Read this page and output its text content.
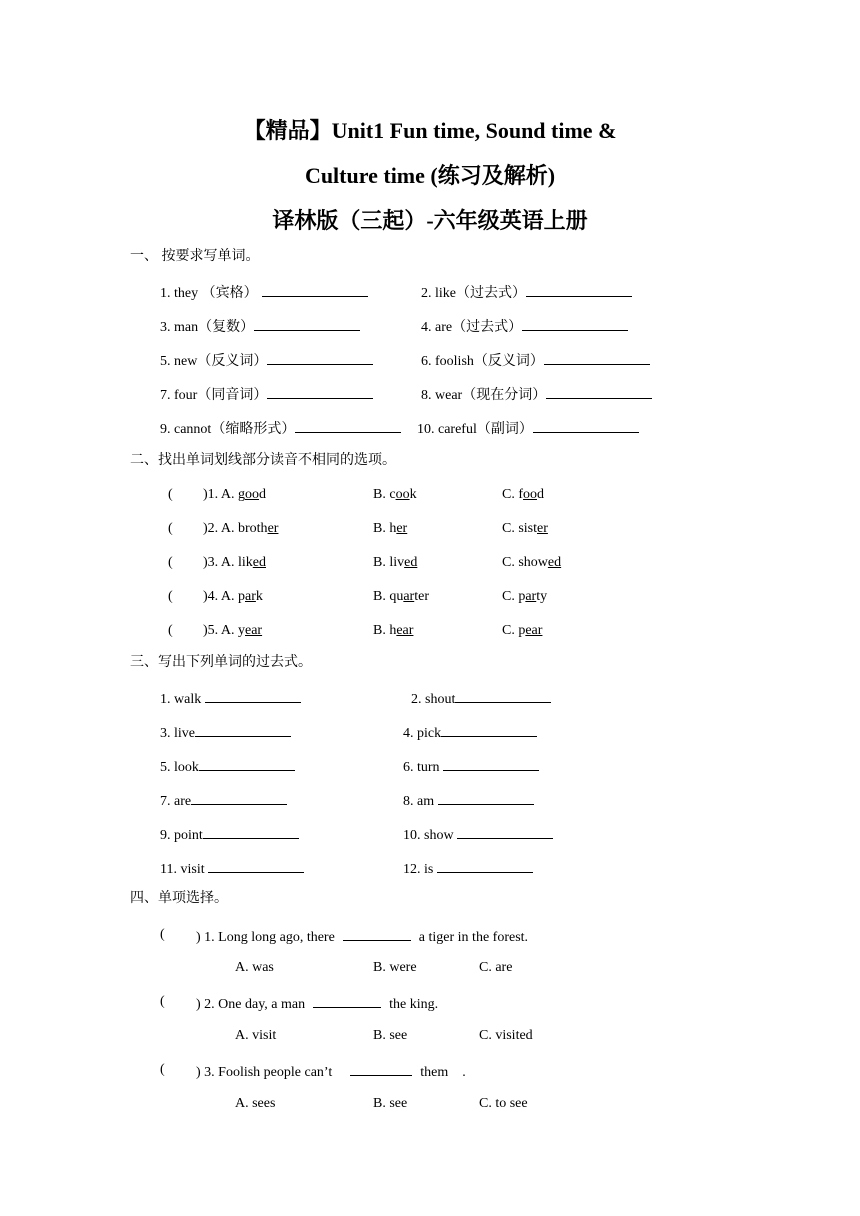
【精品】Unit1 Fun time, Sound time &
Culture time (练习及解析)
译林版（三起）-六年级英语上册
一、 按要求写单词。
1. they （宾格）	2. like（过去式）
3. man（复数）	4. are（过去式）
5. new（反义词）	6. foolish（反义词）
7. four（同音词）	8. wear（现在分词）
9. cannot（缩略形式）	10. careful（副词）
二、找出单词划线部分读音不相同的选项。
( )1. A. good	B. cook	C. food
( )2. A. brother	B. her	C. sister
( )3. A. liked	B. lived	C. showed
( )4. A. park	B. quarter	C. party
( )5. A. year	B. hear	C. pear
三、写出下列单词的过去式。
1. walk	2. shout
3. live	4. pick
5. look	6. turn
7. are	8. am
9. point	10. show
11. visit	12. is
四、单项选择。
( ) 1. Long long ago, there	a tiger in the forest.
A. was	B. were	C. are
( ) 2. One day, a man	the king.
A. visit	B. see	C. visited
( ) 3. Foolish people can’t	them .
A. sees	B. see	C. to see
